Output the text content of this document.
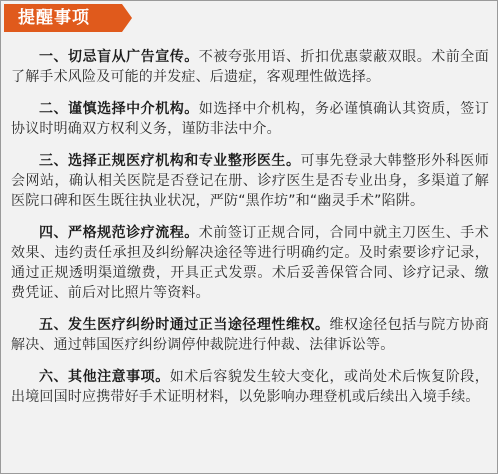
提醒事项

一、切忌盲从广告宣传。不被夸张用语、折扣优惠蒙蔽双眼。术前全面了解手术风险及可能的并发症、后遗症，客观理性做选择。

二、谨慎选择中介机构。如选择中介机构，务必谨慎确认其资质，签订协议时明确双方权利义务，谨防非法中介。

三、选择正规医疗机构和专业整形医生。可事先登录大韩整形外科医师会网站，确认相关医院是否登记在册、诊疗医生是否专业出身，多渠道了解医院口碑和医生既往执业状况，严防“黑作坊”和“幽灵手术”陷阱。

四、严格规范诊疗流程。术前签订正规合同，合同中就主刀医生、手术效果、违约责任承担及纠纷解决途径等进行明确约定。及时索要诊疗记录，通过正规透明渠道缴费，开具正式发票。术后妥善保管合同、诊疗记录、缴费凭证、前后对比照片等资料。

五、发生医疗纠纷时通过正当途径理性维权。维权途径包括与院方协商解决、通过韩国医疗纠纷调停仲裁院进行仲裁、法律诉讼等。

六、其他注意事项。如术后容貌发生较大变化，或尚处术后恢复阶段，出境回国时应携带好手术证明材料，以免影响办理登机或后续出入境手续。
